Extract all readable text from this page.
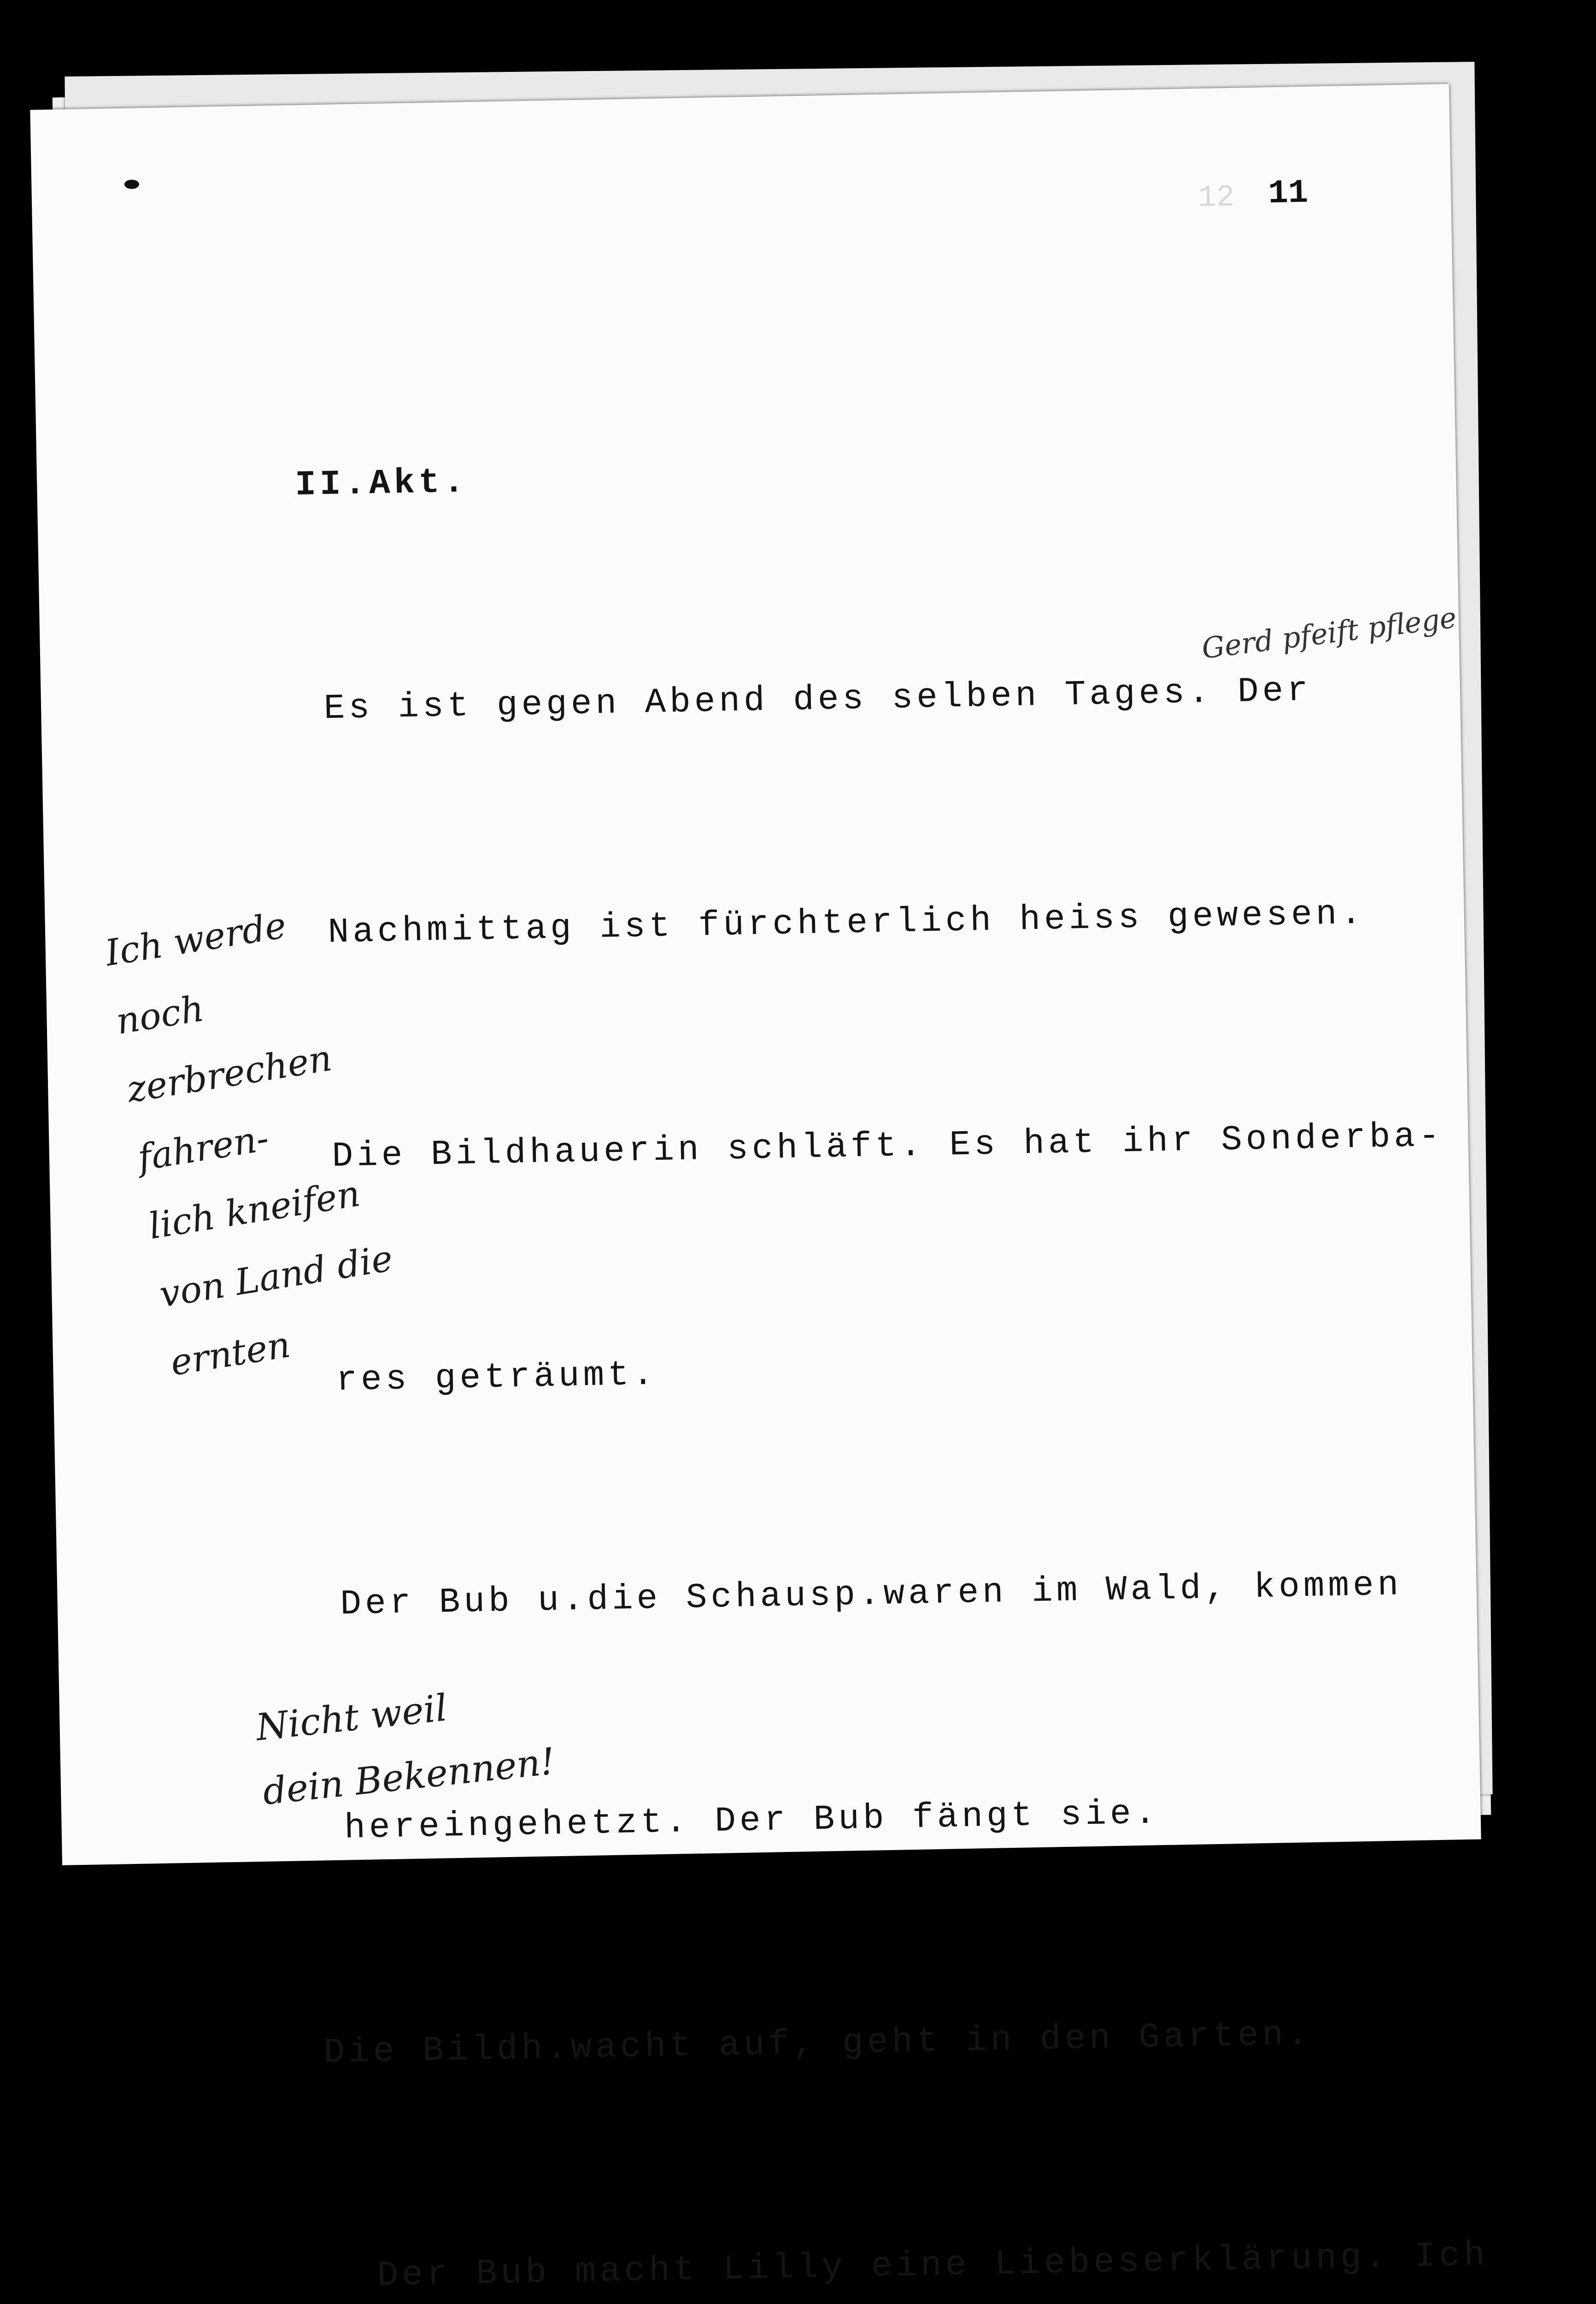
12 11

II.Akt.

Es ist gegen Abend des selben Tages. Der

Nachmittag ist fürchterlich heiss gewesen.

Die Bildhauerin schläft. Es hat ihr Sonderba-

res geträumt.

Der Bub u.die Schausp.waren im Wald, kommen

hereingehetzt. Der Bub fängt sie.

Die Bildh.wacht auf, geht in den Garten.

Der Bub macht Lilly eine Liebeserklärung. Ich

Ich werde
noch zerbrechen
fahren-
lich kneifen
von Land die
ernten
Gerd pfeift pflege
Nicht weil
dein Bekennen!
